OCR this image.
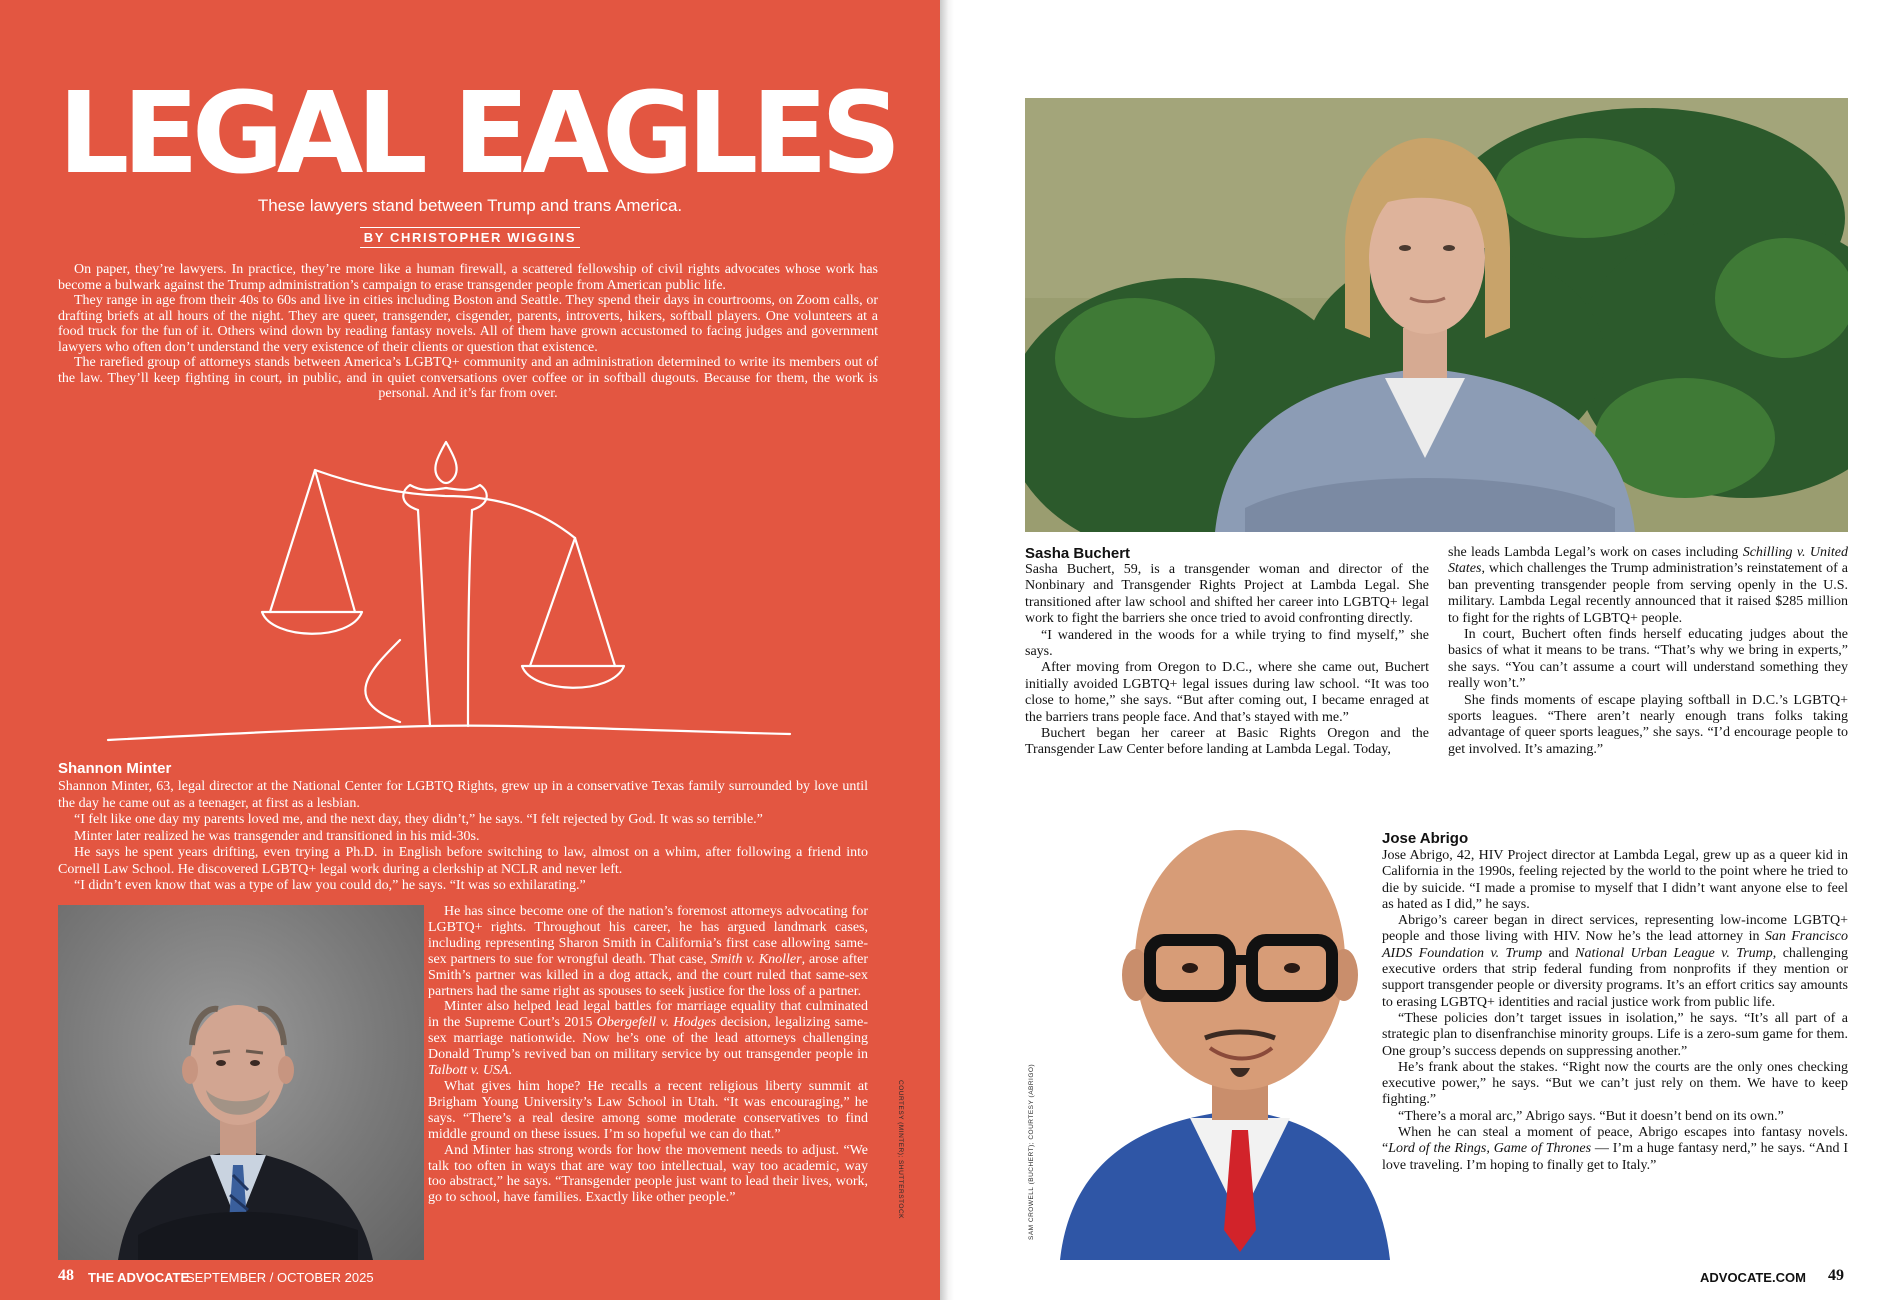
LEGAL EAGLES

These lawyers stand between Trump and trans America.

BY CHRISTOPHER WIGGINS

On paper, they’re lawyers. In practice, they’re more like a human firewall, a scattered fellowship of civil rights advocates whose work has become a bulwark against the Trump administration’s campaign to erase transgender people from American public life.

They range in age from their 40s to 60s and live in cities including Boston and Seattle. They spend their days in courtrooms, on Zoom calls, or drafting briefs at all hours of the night. They are queer, transgender, cisgender, parents, introverts, hikers, softball players. One volunteers at a food truck for the fun of it. Others wind down by reading fantasy novels. All of them have grown accustomed to facing judges and government lawyers who often don’t understand the very existence of their clients or question that existence.

The rarefied group of attorneys stands between America’s LGBTQ+ community and an administration determined to write its members out of the law. They’ll keep fighting in court, in public, and in quiet conversations over coffee or in softball dugouts. Because for them, the work is personal. And it’s far from over.

Shannon Minter

Shannon Minter, 63, legal director at the National Center for LGBTQ Rights, grew up in a conservative Texas family surrounded by love until the day he came out as a teenager, at first as a lesbian.

“I felt like one day my parents loved me, and the next day, they didn’t,” he says. “I felt rejected by God. It was so terrible.”

Minter later realized he was transgender and transitioned in his mid-30s.

He says he spent years drifting, even trying a Ph.D. in English before switching to law, almost on a whim, after following a friend into Cornell Law School. He discovered LGBTQ+ legal work during a clerkship at NCLR and never left.

“I didn’t even know that was a type of law you could do,” he says. “It was so exhilarating.”

He has since become one of the nation’s foremost attorneys advocating for LGBTQ+ rights. Throughout his career, he has argued landmark cases, including representing Sharon Smith in California’s first case allowing same-sex partners to sue for wrongful death. That case, Smith v. Knoller, arose after Smith’s partner was killed in a dog attack, and the court ruled that same-sex partners had the same right as spouses to seek justice for the loss of a partner.

Minter also helped lead legal battles for marriage equality that culminated in the Supreme Court’s 2015 Obergefell v. Hodges decision, legalizing same-sex marriage nationwide. Now he’s one of the lead attorneys challenging Donald Trump’s revived ban on military service by out transgender people in Talbott v. USA.

What gives him hope? He recalls a recent religious liberty summit at Brigham Young University’s Law School in Utah. “It was encouraging,” he says. “There’s a real desire among some moderate conservatives to find middle ground on these issues. I’m so hopeful we can do that.”

And Minter has strong words for how the movement needs to adjust. “We talk too often in ways that are way too intellectual, way too academic, way too abstract,” he says. “Transgender people just want to lead their lives, work, go to school, have families. Exactly like other people.”	COURTESY (MINTER); SHUTTERSTOCK

48 THE ADVOCATE

SEPTEMBER / OCTOBER 2025

Sasha Buchert

Sasha Buchert, 59, is a transgender woman and director of the Nonbinary and Transgender Rights Project at Lambda Legal. She transitioned after law school and shifted her career into LGBTQ+ legal work to fight the barriers she once tried to avoid confronting directly.

“I wandered in the woods for a while trying to find myself,” she says.

After moving from Oregon to D.C., where she came out, Buchert initially avoided LGBTQ+ legal issues during law school. “It was too close to home,” she says. “But after coming out, I became enraged at the barriers trans people face. And that’s stayed with me.”

Buchert began her career at Basic Rights Oregon and the Transgender Law Center before landing at Lambda Legal. Today,

she leads Lambda Legal’s work on cases including Schilling v. United States, which challenges the Trump administration’s reinstatement of a ban preventing transgender people from serving openly in the U.S. military. Lambda Legal recently announced that it raised $285 million to fight for the rights of LGBTQ+ people.

In court, Buchert often finds herself educating judges about the basics of what it means to be trans. “That’s why we bring in experts,” she says. “You can’t assume a court will understand something they really won’t.”

She finds moments of escape playing softball in D.C.’s LGBTQ+ sports leagues. “There aren’t nearly enough trans folks taking advantage of queer sports leagues,” she says. “I’d encourage people to get involved. It’s amazing.”

Jose Abrigo

Jose Abrigo, 42, HIV Project director at Lambda Legal, grew up as a queer kid in California in the 1990s, feeling rejected by the world to the point where he tried to die by suicide. “I made a promise to myself that I didn’t want anyone else to feel as hated as I did,” he says.

Abrigo’s career began in direct services, representing low-income LGBTQ+ people and those living with HIV. Now he’s the lead attorney in San Francisco AIDS Foundation v. Trump and National Urban League v. Trump, challenging executive orders that strip federal funding from nonprofits if they mention or support transgender people or diversity programs. It’s an effort critics say amounts to erasing LGBTQ+ identities and racial justice work from public life.

“These policies don’t target issues in isolation,” he says. “It’s all part of a strategic plan to disenfranchise minority groups. Life is a zero-sum game for them. One group’s success depends on suppressing another.”

He’s frank about the stakes. “Right now the courts are the only ones checking executive power,” he says. “But we can’t just rely on them. We have to keep fighting.”

“There’s a moral arc,” Abrigo says. “But it doesn’t bend on its own.”

When he can steal a moment of peace, Abrigo escapes into fantasy novels. “Lord of the Rings, Game of Thrones — I’m a huge fantasy nerd,” he says. “And I love traveling. I’m hoping to finally get to Italy.”

SAM CROWELL (BUCHERT); COURTESY (ABRIGO)

ADVOCATE.COM 49
